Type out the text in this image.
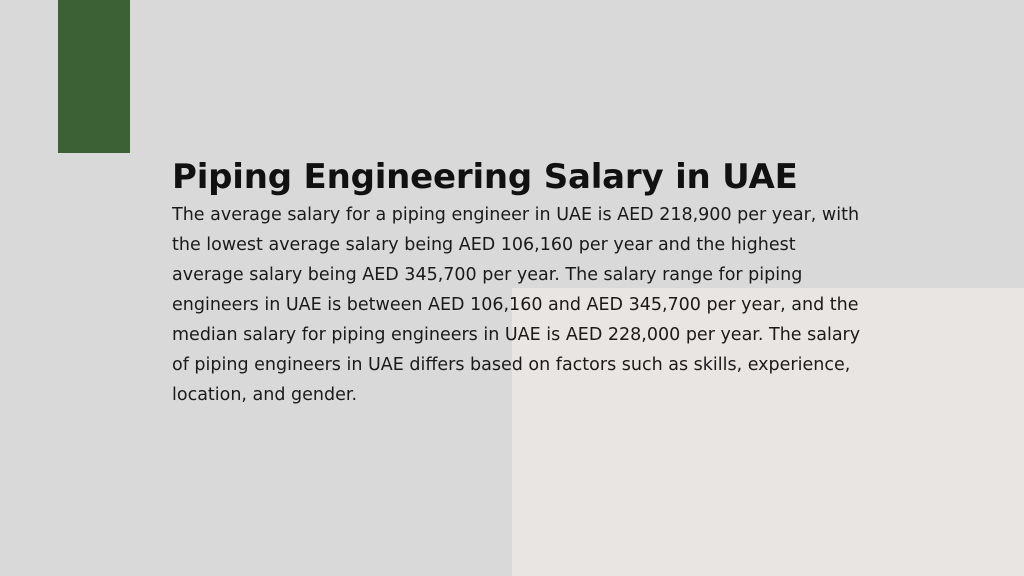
Piping Engineering Salary in UAE

The average salary for a piping engineer in UAE is AED 218,900 per year, with the lowest average salary being AED 106,160 per year and the highest average salary being AED 345,700 per year. The salary range for piping engineers in UAE is between AED 106,160 and AED 345,700 per year, and the median salary for piping engineers in UAE is AED 228,000 per year. The salary of piping engineers in UAE differs based on factors such as skills, experience, location, and gender.
